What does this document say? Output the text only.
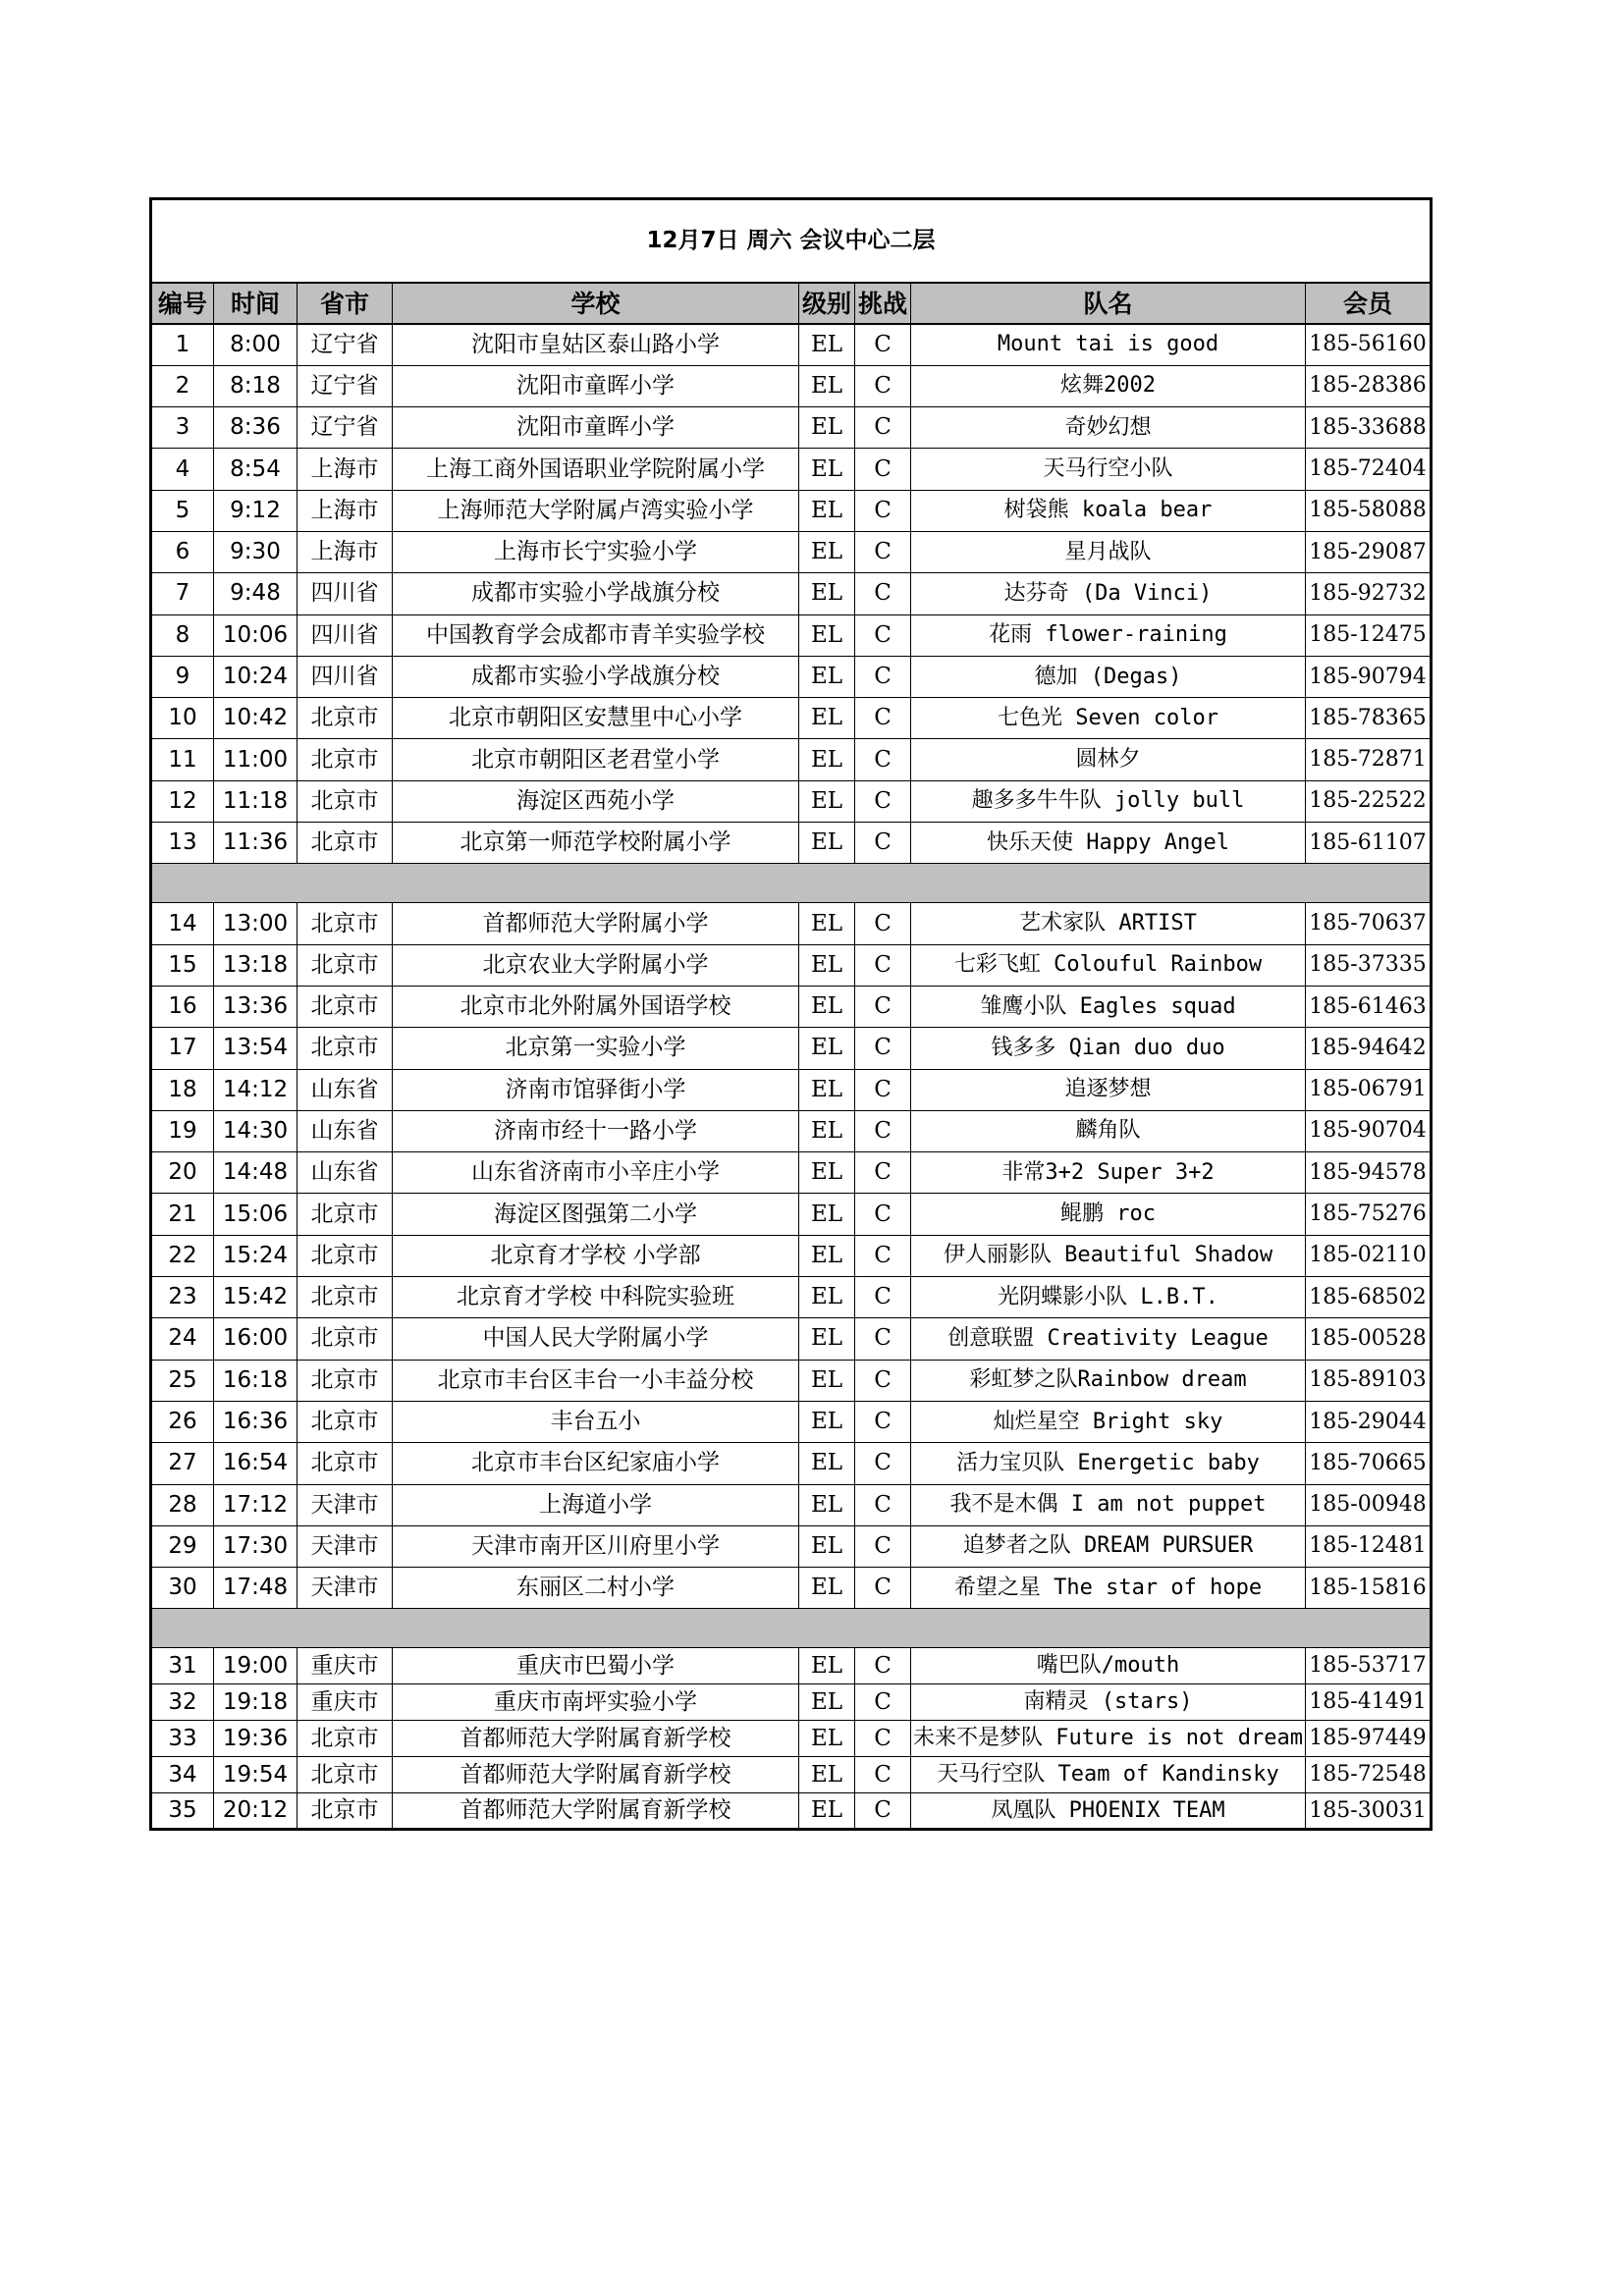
12月7日 周六 会议中心二层							
编号	时间	省市	学校	级别	挑战	队名	会员
1	8:00	辽宁省	沈阳市皇姑区泰山路小学	EL	C	Mount tai is good	185-56160
2	8:18	辽宁省	沈阳市童晖小学	EL	C	炫舞2002	185-28386
3	8:36	辽宁省	沈阳市童晖小学	EL	C	奇妙幻想	185-33688
4	8:54	上海市	上海工商外国语职业学院附属小学	EL	C	天马行空小队	185-72404
5	9:12	上海市	上海师范大学附属卢湾实验小学	EL	C	树袋熊 koala bear	185-58088
6	9:30	上海市	上海市长宁实验小学	EL	C	星月战队	185-29087
7	9:48	四川省	成都市实验小学战旗分校	EL	C	达芬奇 (Da Vinci)	185-92732
8	10:06	四川省	中国教育学会成都市青羊实验学校	EL	C	花雨 flower-raining	185-12475
9	10:24	四川省	成都市实验小学战旗分校	EL	C	德加 (Degas)	185-90794
10	10:42	北京市	北京市朝阳区安慧里中心小学	EL	C	七色光 Seven color	185-78365
11	11:00	北京市	北京市朝阳区老君堂小学	EL	C	圆林夕	185-72871
12	11:18	北京市	海淀区西苑小学	EL	C	趣多多牛牛队 jolly bull	185-22522
13	11:36	北京市	北京第一师范学校附属小学	EL	C	快乐天使 Happy Angel	185-61107

14	13:00	北京市	首都师范大学附属小学	EL	C	艺术家队 ARTIST	185-70637
15	13:18	北京市	北京农业大学附属小学	EL	C	七彩飞虹 Colouful Rainbow	185-37335
16	13:36	北京市	北京市北外附属外国语学校	EL	C	雏鹰小队 Eagles squad	185-61463
17	13:54	北京市	北京第一实验小学	EL	C	钱多多 Qian duo duo	185-94642
18	14:12	山东省	济南市馆驿街小学	EL	C	追逐梦想	185-06791
19	14:30	山东省	济南市经十一路小学	EL	C	麟角队	185-90704
20	14:48	山东省	山东省济南市小辛庄小学	EL	C	非常3+2 Super 3+2	185-94578
21	15:06	北京市	海淀区图强第二小学	EL	C	鲲鹏 roc	185-75276
22	15:24	北京市	北京育才学校 小学部	EL	C	伊人丽影队 Beautiful Shadow	185-02110
23	15:42	北京市	北京育才学校 中科院实验班	EL	C	光阴蝶影小队 L.B.T.	185-68502
24	16:00	北京市	中国人民大学附属小学	EL	C	创意联盟 Creativity League	185-00528
25	16:18	北京市	北京市丰台区丰台一小丰益分校	EL	C	彩虹梦之队Rainbow dream	185-89103
26	16:36	北京市	丰台五小	EL	C	灿烂星空 Bright sky	185-29044
27	16:54	北京市	北京市丰台区纪家庙小学	EL	C	活力宝贝队 Energetic baby	185-70665
28	17:12	天津市	上海道小学	EL	C	我不是木偶 I am not puppet	185-00948
29	17:30	天津市	天津市南开区川府里小学	EL	C	追梦者之队 DREAM PURSUER	185-12481
30	17:48	天津市	东丽区二村小学	EL	C	希望之星 The star of hope	185-15816

31	19:00	重庆市	重庆市巴蜀小学	EL	C	嘴巴队/mouth	185-53717
32	19:18	重庆市	重庆市南坪实验小学	EL	C	南精灵 (stars)	185-41491
33	19:36	北京市	首都师范大学附属育新学校	EL	C	未来不是梦队 Future is not dream	185-97449
34	19:54	北京市	首都师范大学附属育新学校	EL	C	天马行空队 Team of Kandinsky	185-72548
35	20:12	北京市	首都师范大学附属育新学校	EL	C	凤凰队 PHOENIX TEAM	185-30031
